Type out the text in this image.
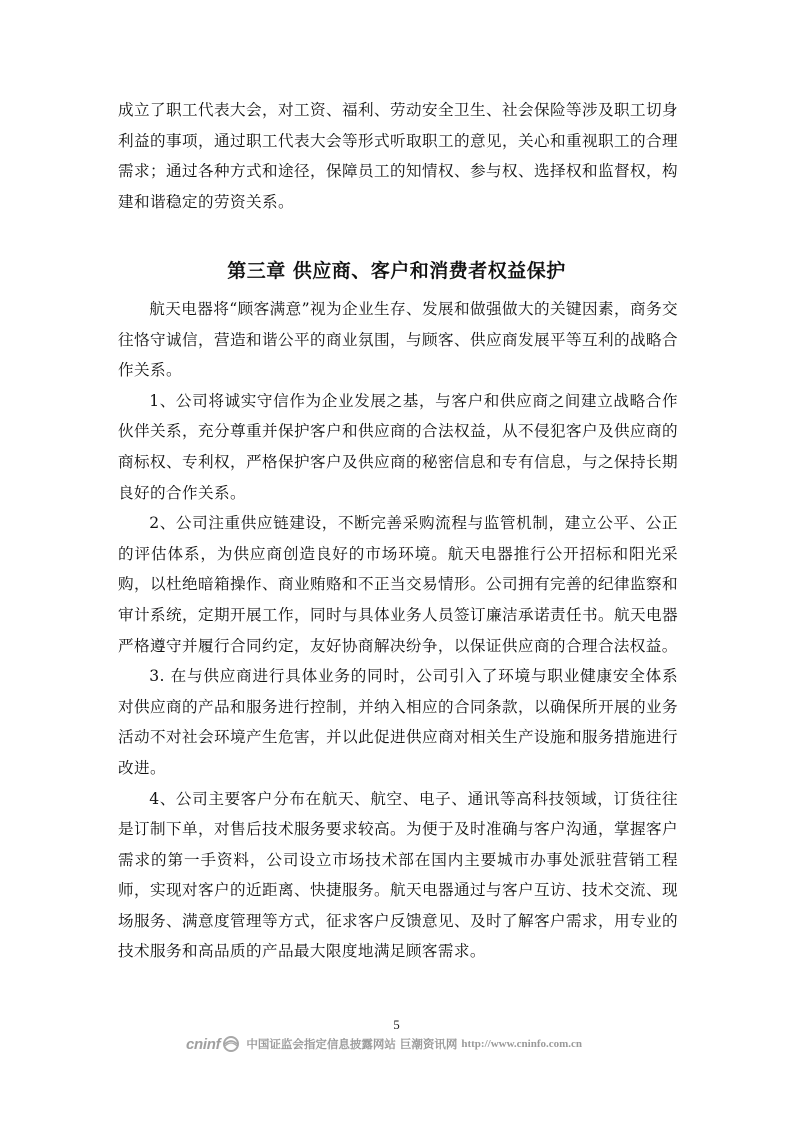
成立了职工代表大会，对工资、福利、劳动安全卫生、社会保险等涉及职工切身利益的事项，通过职工代表大会等形式听取职工的意见，关心和重视职工的合理需求；通过各种方式和途径，保障员工的知情权、参与权、选择权和监督权，构建和谐稳定的劳资关系。

第三章 供应商、客户和消费者权益保护

航天电器将“顾客满意”视为企业生存、发展和做强做大的关键因素，商务交往恪守诚信，营造和谐公平的商业氛围，与顾客、供应商发展平等互利的战略合作关系。

1、公司将诚实守信作为企业发展之基，与客户和供应商之间建立战略合作伙伴关系，充分尊重并保护客户和供应商的合法权益，从不侵犯客户及供应商的商标权、专利权，严格保护客户及供应商的秘密信息和专有信息，与之保持长期良好的合作关系。

2、公司注重供应链建设，不断完善采购流程与监管机制，建立公平、公正的评估体系，为供应商创造良好的市场环境。航天电器推行公开招标和阳光采购，以杜绝暗箱操作、商业贿赂和不正当交易情形。公司拥有完善的纪律监察和审计系统，定期开展工作，同时与具体业务人员签订廉洁承诺责任书。航天电器严格遵守并履行合同约定，友好协商解决纷争，以保证供应商的合理合法权益。

3. 在与供应商进行具体业务的同时，公司引入了环境与职业健康安全体系对供应商的产品和服务进行控制，并纳入相应的合同条款，以确保所开展的业务活动不对社会环境产生危害，并以此促进供应商对相关生产设施和服务措施进行改进。

4、公司主要客户分布在航天、航空、电子、通讯等高科技领域，订货往往是订制下单，对售后技术服务要求较高。为便于及时准确与客户沟通，掌握客户需求的第一手资料，公司设立市场技术部在国内主要城市办事处派驻营销工程师，实现对客户的近距离、快捷服务。航天电器通过与客户互访、技术交流、现场服务、满意度管理等方式，征求客户反馈意见、及时了解客户需求，用专业的技术服务和高品质的产品最大限度地满足顾客需求。

5
cninf 中国证监会指定信息披露网站 巨潮资讯网 http://www.cninfo.com.cn
